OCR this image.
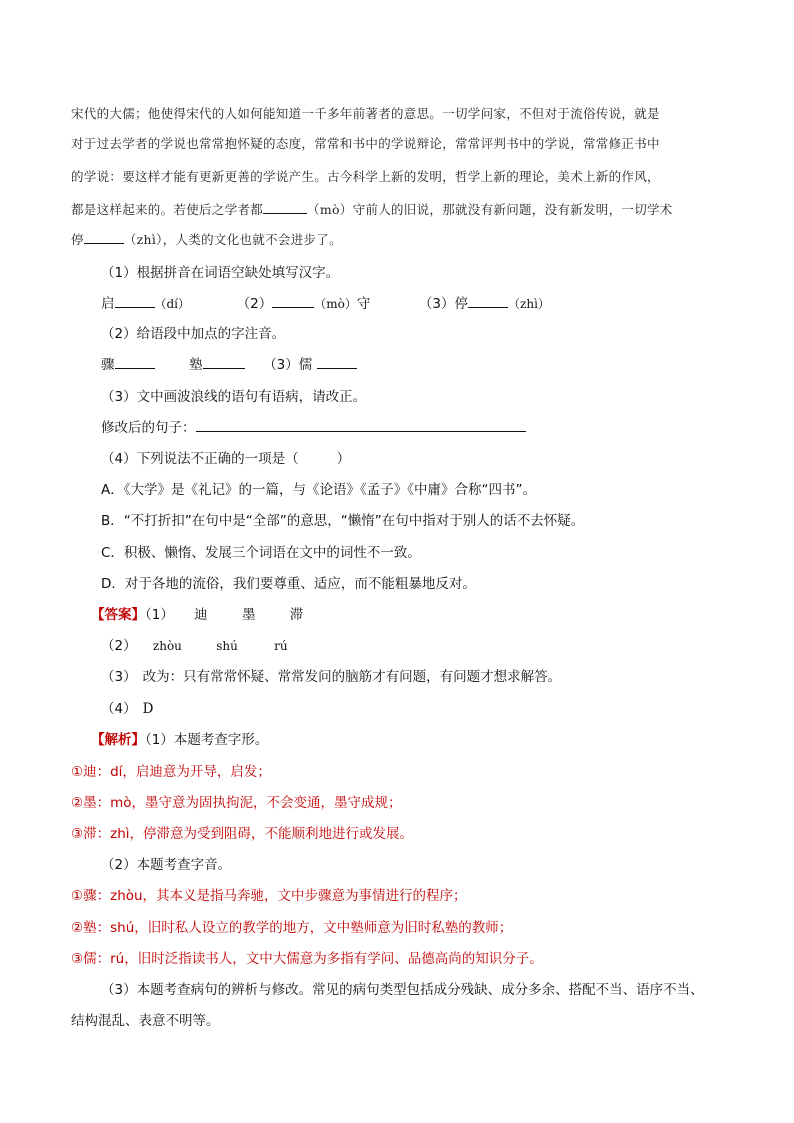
宋代的大儒；他使得宋代的人如何能知道一千多年前著者的意思。一切学问家，不但对于流俗传说，就是
对于过去学者的学说也常常抱怀疑的态度，常常和书中的学说辩论，常常评判书中的学说，常常修正书中
的学说：要这样才能有更新更善的学说产生。古今科学上新的发明，哲学上新的理论，美术上新的作风，
都是这样起来的。若使后之学者都	（mò）守前人的旧说，那就没有新问题，没有新发明，一切学术
停	（zhì），人类的文化也就不会进步了。
（1）根据拼音在词语空缺处填写汉字。
启	（dí）	（2）	（mò）守	（3）停	（zhì）
（2）给语段中加点的字注音。
骤	塾	（3）儒
（3）文中画波浪线的语句有语病，请改正。
修改后的句子：
（4）下列说法不正确的一项是（	）
A．《大学》是《礼记》的一篇，与《论语》《孟子》《中庸》合称“四书”。
B．“不打折扣”在句中是“全部”的意思，“懒惰”在句中指对于别人的话不去怀疑。
C．积极、懒惰、发展三个词语在文中的词性不一致。
D．对于各地的流俗，我们要尊重、适应，而不能粗暴地反对。
【答案】（1） 迪	墨	滞
（2） zhòu	shú	rú
（3） 改为：只有常常怀疑、常常发问的脑筋才有问题，有问题才想求解答。
（4） D
【解析】（1）本题考查字形。
①迪：dí，启迪意为开导，启发；
②墨：mò，墨守意为固执拘泥，不会变通，墨守成规；
③滞：zhì，停滞意为受到阻碍，不能顺利地进行或发展。
（2）本题考查字音。
①骤：zhòu，其本义是指马奔驰，文中步骤意为事情进行的程序；
②塾：shú，旧时私人设立的教学的地方，文中塾师意为旧时私塾的教师；
③儒：rú，旧时泛指读书人，文中大儒意为多指有学问、品德高尚的知识分子。
（3）本题考查病句的辨析与修改。常见的病句类型包括成分残缺、成分多余、搭配不当、语序不当、
结构混乱、表意不明等。
